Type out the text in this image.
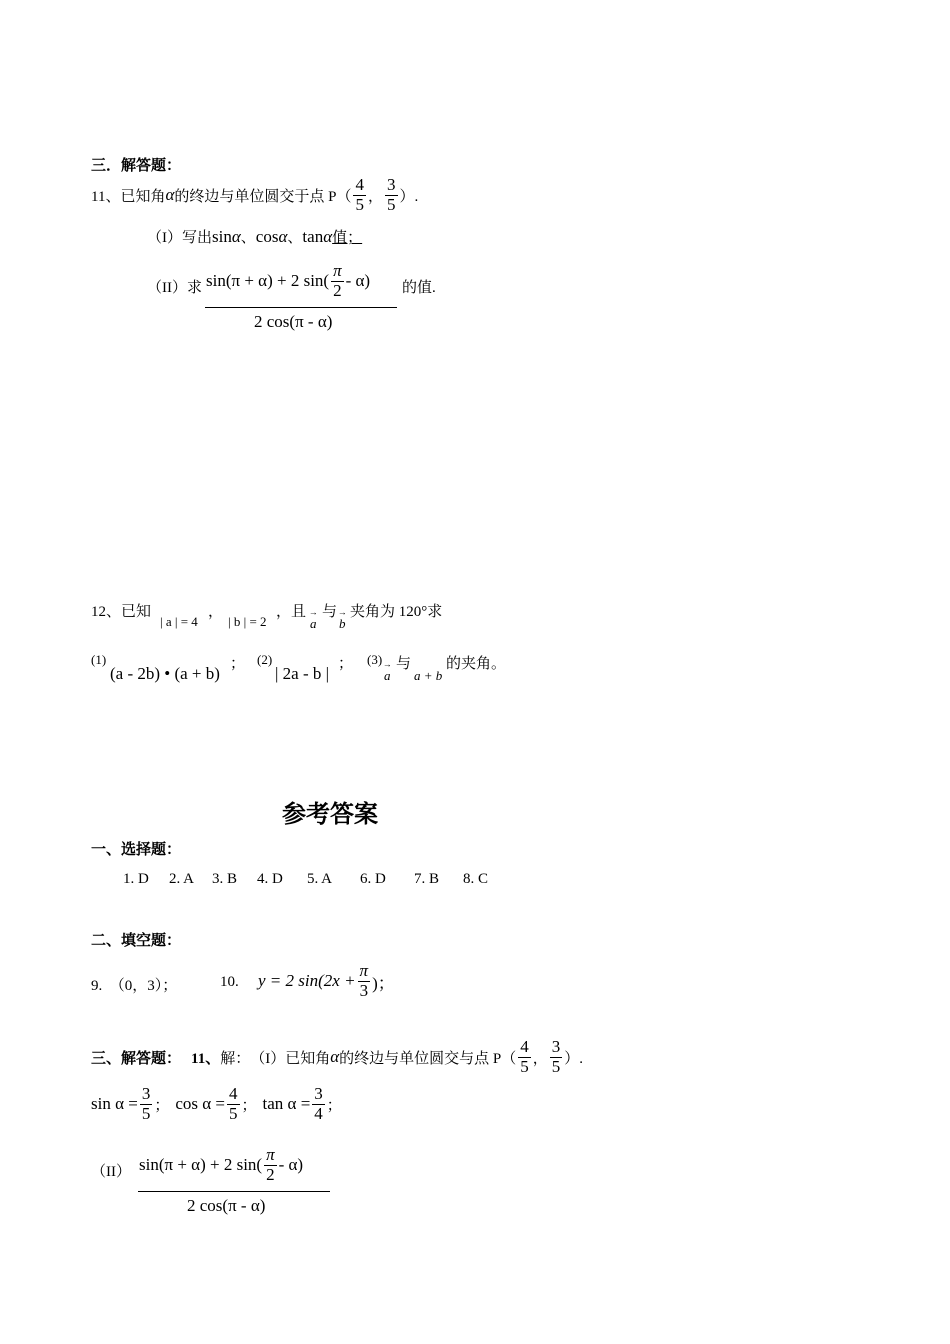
三．解答题：
11、已知角 α 的终边与单位圆交于点 $P( \frac{4}{5}$ ， $\frac{3}{5}$ ）.
（I）写出sinα、cosα、tanα值；
（II）求 sin(π + α) + 2 $\sin( \frac{\pi}{2} - \alpha)$ 的值.
2 cos(π - α)
12、已知
| a | = 4
，
| b | = 2
，且
→ a
与
→ b
夹角为 120°求
(1)
(a - 2b) • (a + b) ； (2)
| 2a - b | ； (3)
→ a
与
a + b
的夹角。
参考答案
一、选择题：
1. D	2. A	3. B	4. D	5. A	6. D	7. B	8. C
二、填空题：
9.　（0，3）；	10. y = 2 $\sin(2x + \frac{\pi}{3}$ )；
三、解答题： 11、 解： （I）已知角 α 的终边与单位圆交与点 $P( \frac{4}{5}$ ， $\frac{3}{5}$ ）.
$\sin \alpha = \frac{3}{5}$ ； $\cos \alpha = \frac{4}{5}$ ； $\tan \alpha = \frac{3}{4}$ ；
（II） sin(π + α) + 2 $\sin( \frac{\pi}{2} - \alpha)$
2 cos(π - α)
